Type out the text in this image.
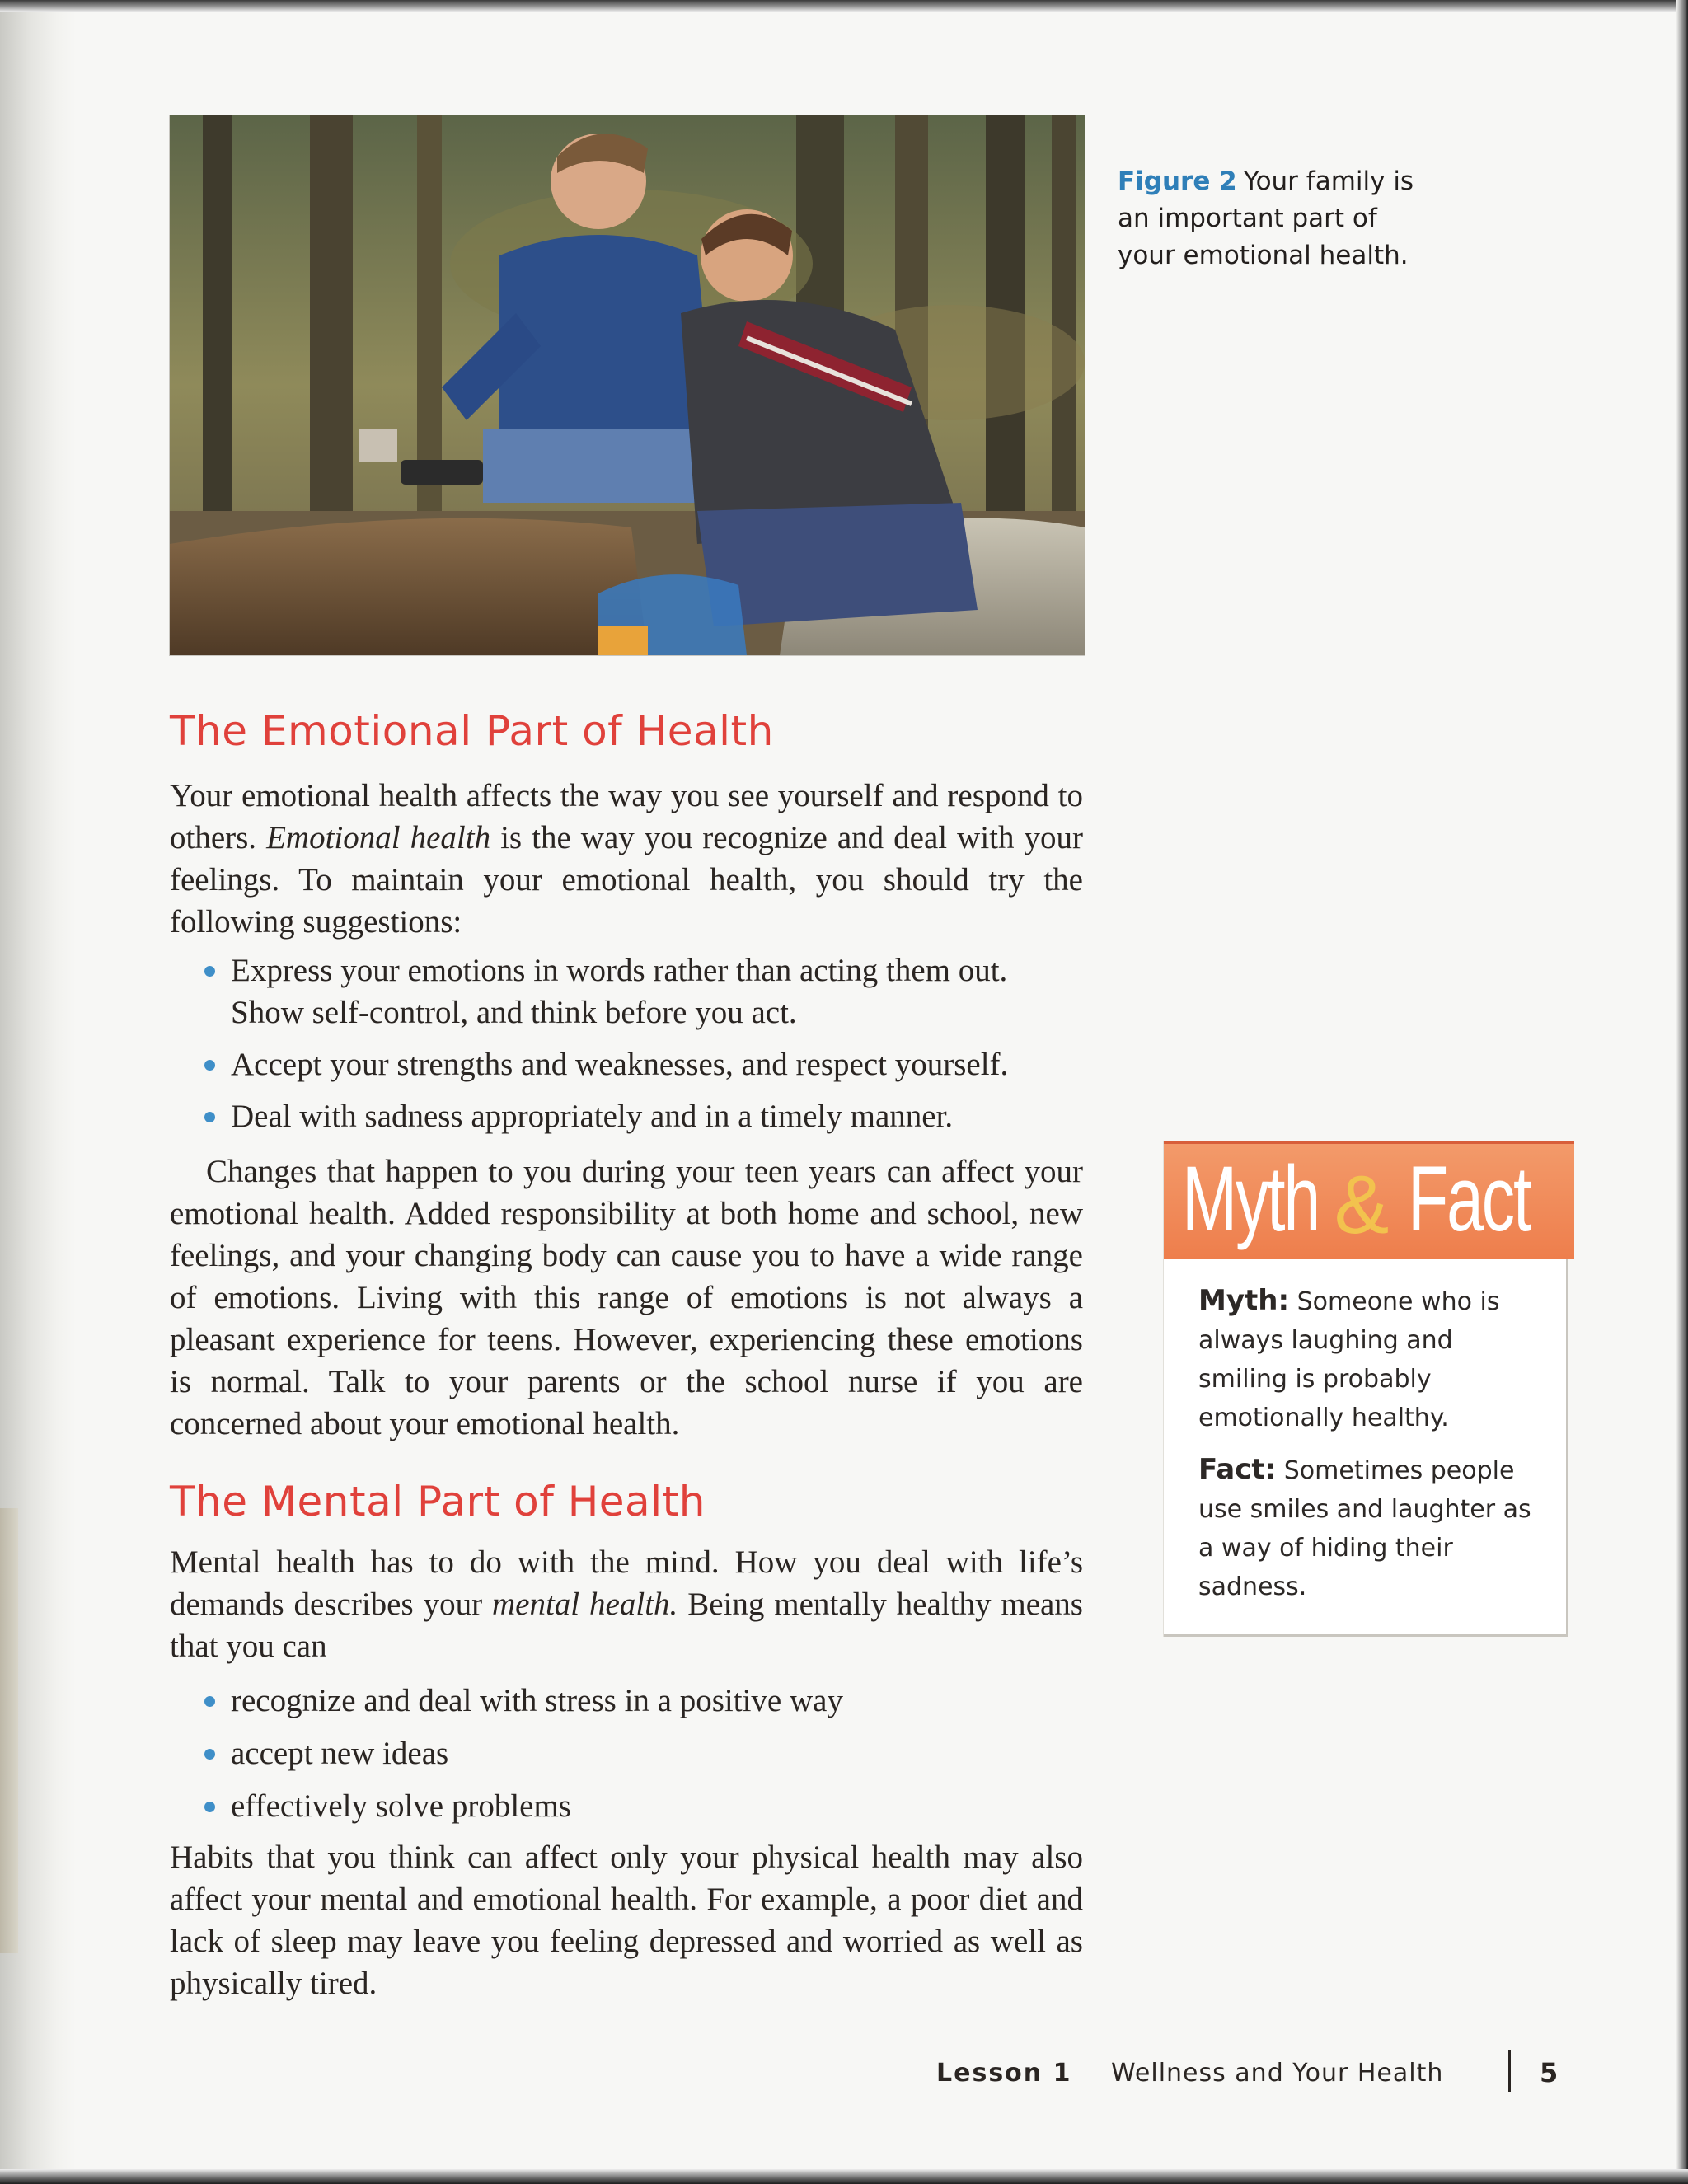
Figure 2 Your family is an important part of your emotional health.
The Emotional Part of Health

Your emotional health affects the way you see yourself and respond to others. Emotional health is the way you recognize and deal with your feelings. To maintain your emotional health, you should try the following suggestions:

Express your emotions in words rather than acting them out. Show self-control, and think before you act.
Accept your strengths and weaknesses, and respect yourself.
Deal with sadness appropriately and in a timely manner.

Changes that happen to you during your teen years can affect your emotional health. Added responsibility at both home and school, new feelings, and your changing body can cause you to have a wide range of emotions. Living with this range of emotions is not always a pleasant experience for teens. However, experiencing these emotions is normal. Talk to your parents or the school nurse if you are concerned about your emotional health.

The Mental Part of Health

Mental health has to do with the mind. How you deal with life’s demands describes your mental health. Being mentally healthy means that you can

recognize and deal with stress in a positive way
accept new ideas
effectively solve problems

Habits that you think can affect only your physical health may also affect your mental and emotional health. For example, a poor diet and lack of sleep may leave you feeling depressed and worried as well as physically tired.

Myth & Fact

Myth: Someone who is always laughing and smiling is probably emotionally healthy.

Fact: Sometimes people use smiles and laughter as a way of hiding their sadness.

Lesson 1 Wellness and Your Health	5
